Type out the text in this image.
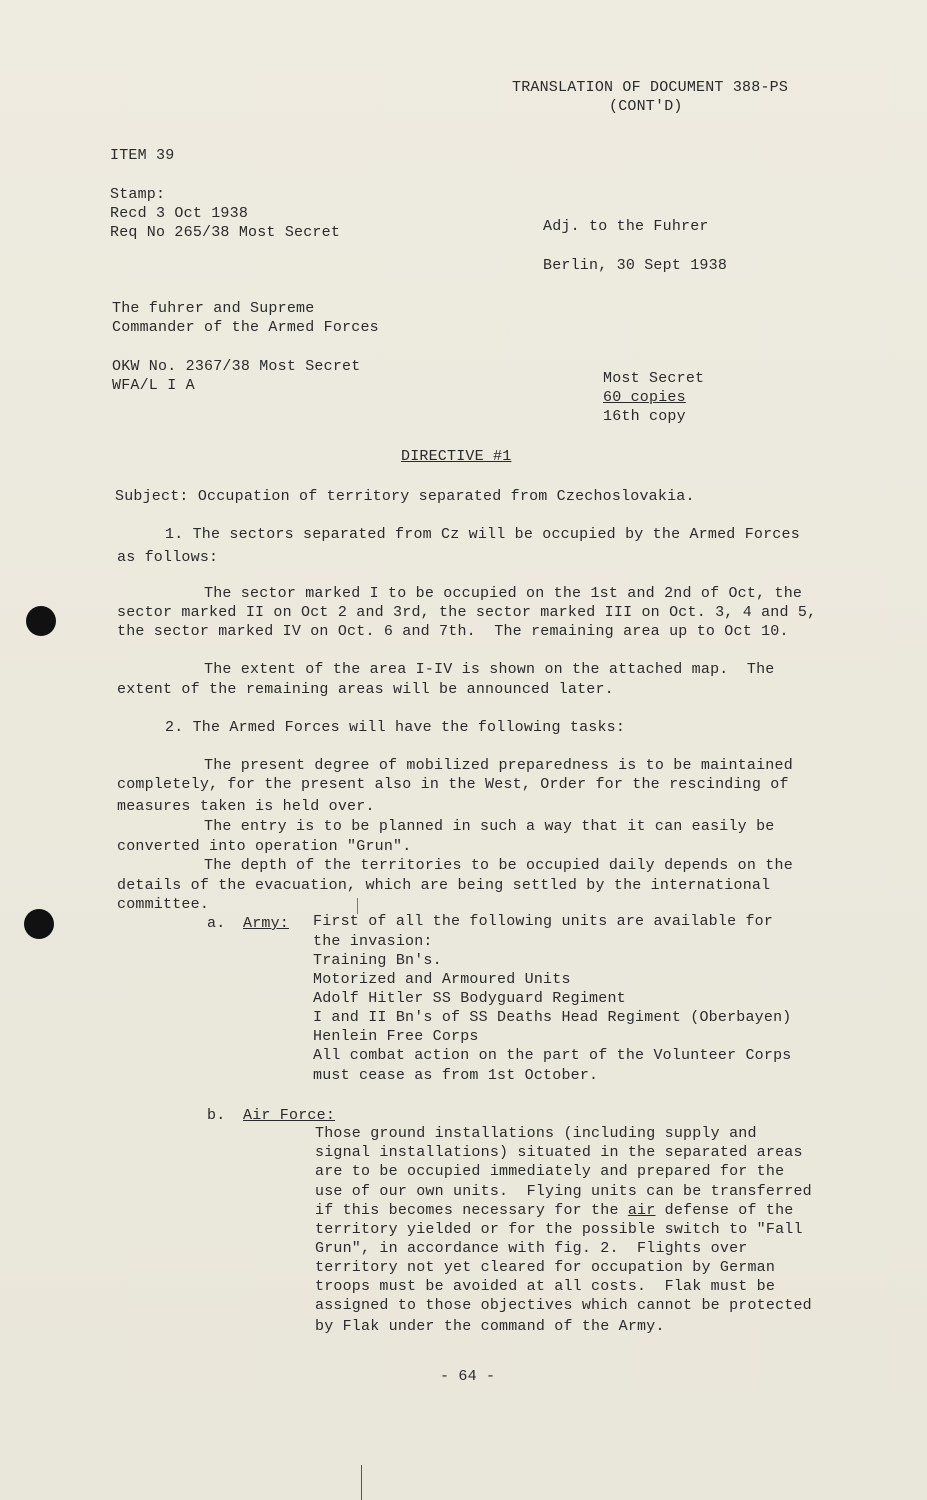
TRANSLATION OF DOCUMENT 388-PS
(CONT'D)
ITEM 39
Stamp:
Recd 3 Oct 1938
Req No 265/38 Most Secret	Adj. to the Fuhrer
Berlin, 30 Sept 1938
The fuhrer and Supreme
Commander of the Armed Forces
OKW No. 2367/38 Most Secret
WFA/L I A	Most Secret
60 copies
16th copy
DIRECTIVE #1
Subject: Occupation of territory separated from Czechoslovakia.
1. The sectors separated from Cz will be occupied by the Armed Forces
as follows:
The sector marked I to be occupied on the 1st and 2nd of Oct, the
sector marked II on Oct 2 and 3rd, the sector marked III on Oct. 3, 4 and 5,
the sector marked IV on Oct. 6 and 7th.  The remaining area up to Oct 10.
The extent of the area I-IV is shown on the attached map.  The
extent of the remaining areas will be announced later.
2. The Armed Forces will have the following tasks:
The present degree of mobilized preparedness is to be maintained
completely, for the present also in the West, Order for the rescinding of
measures taken is held over.
The entry is to be planned in such a way that it can easily be
converted into operation "Grun".
The depth of the territories to be occupied daily depends on the
details of the evacuation, which are being settled by the international
committee.
a. Army: First of all the following units are available for
the invasion:
Training Bn's.
Motorized and Armoured Units
Adolf Hitler SS Bodyguard Regiment
I and II Bn's of SS Deaths Head Regiment (Oberbayen)
Henlein Free Corps
All combat action on the part of the Volunteer Corps
must cease as from 1st October.
b. Air Force:
Those ground installations (including supply and
signal installations) situated in the separated areas
are to be occupied immediately and prepared for the
use of our own units.  Flying units can be transferred
if this becomes necessary for the air defense of the
territory yielded or for the possible switch to "Fall
Grun", in accordance with fig. 2.  Flights over
territory not yet cleared for occupation by German
troops must be avoided at all costs.  Flak must be
assigned to those objectives which cannot be protected
by Flak under the command of the Army.
- 64 -
